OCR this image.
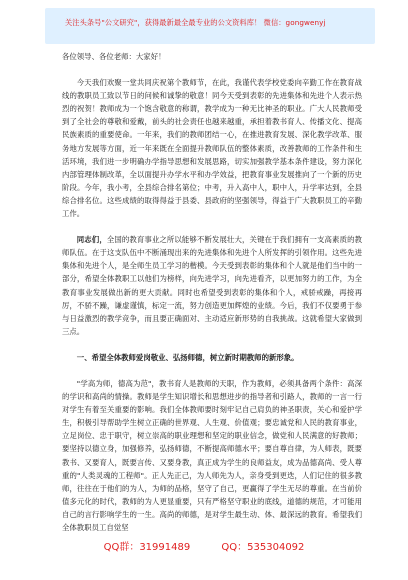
关注头条号"公文研究"，获得最新最全最专业的公文资料库！ 微信：gongwenyj

各位领导、各位老师：大家好！

今天我们欢聚一堂共同庆祝第个教师节，在此，我谨代表学校党委向辛勤工作在教育战线的教职员工致以节日的问候和诚挚的敬意！同今天受到表彰的先进集体和先进个人表示热烈的祝贺！教师成为一个饱含敬意的称谓，教学成为一种无比神圣的职业。广大人民教师受到了全社会的尊敬和爱戴，前头的社会责任也越来越重，承担着教书育人、传播文化、提高民族素质的重要使命。一年来，我们的教师团结一心，在推进教育发展、深化教学改革、服务地方发展等方面，近一年来既在全面提升教师队伍的整体素质，改善教师的工作条件和生活环境，我们进一步明确办学指导思想和发展思路，切实加强教学基本条件建设，努力深化内部管理体制改革，全以面提升办学水平和办学效益，把教育事业发展推向了一个新的历史阶段。今年，我小考，全县综合排名第位；中考，升入高中人，职中人，升学率达到，全县综合排名位。这些成绩的取得得益于县委、县政府的坚强领导，得益于广大教职员工的辛勤工作。

同志们，全国的教育事业之所以能够不断发展壮大，关键在于我们拥有一支高素质的教师队伍。在于这支队伍中不断涌现出来的先进集体和先进个人所发挥的引领作用。这些先进集体和先进个人，是全师生员工学习的楷模。今天受到表彰的集体和个人就是他们当中的一部分，希望全体教职工以他们为榜样，向先进学习，向先进看齐，以更加努力的工作，为全教育事业发展做出新的更大贡献。同时也希望受到表彰的集体和个人，戒骄戒躁，再接再厉，不骄不躁，谦虚谨慎，标定一流，努力创造更加辉煌的业绩。今后，我们不仅要勇于参与日益激烈的教学竞争，而且要正确面对、主动适应新形势的自我挑战。这就希望大家做到三点。

一、希望全体教师爱岗敬业、弘扬师德，树立新时期教师的新形象。

"学高为师，德高为范"，教书育人是教师的天职，作为教师，必须具备两个条件：高深的学识和高尚的情操。教师是学生知识增长和思想进步的指导者和引路人，教师的一言一行对学生有着至关重要的影响。我们全体教师要时刻牢记自己肩负的神圣职责，关心和爱护学生，积极引导帮助学生树立正确的世界观、人生观、价值观；要忠诚党和人民的教育事业，立足岗位、忠于职守，树立崇高的职业理想和坚定的职业信念，做党和人民满意的好教师；要坚持以德立身，加强修养，弘扬师德，不断提高师德水平；要自尊自律，为人师表，既要教书、又要育人，既要言传、又要身教，真正成为学生的良师益友，成为品德高尚、受人尊重的"人类灵魂的工程师"。正人先正己，为人师先为人，亲身受到更迭，人们记住的很多教师，往往在于他们的为人，为师的品格，坚守了自己，更赢得了学生无尽的尊重。在当前价值多元化的时代，教师的为人更显重要，只有严格坚守职业的底线，道德的规范，才可能用自己的言行影响学生的一生。高尚的师德，是对学生最生动、体、最深远的教育。希望我们全体教职员工自觉坚

QQ群：31991489	QQ：535304092
